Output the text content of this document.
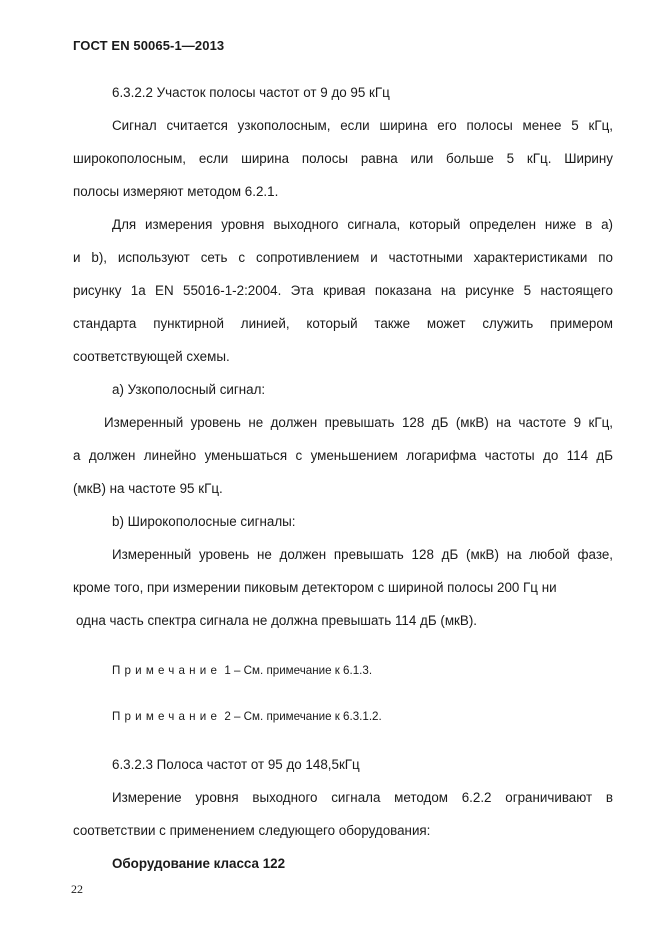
ГОСТ EN 50065-1—2013
6.3.2.2 Участок полосы частот от 9 до 95 кГц
Сигнал считается узкополосным, если ширина его полосы менее 5 кГц,
широкополосным, если ширина полосы равна или больше 5 кГц. Ширину
полосы измеряют методом 6.2.1.
Для измерения уровня выходного сигнала, который определен ниже в а)
и b), используют сеть с сопротивлением и частотными характеристиками по
рисунку 1а EN 55016-1-2:2004. Эта кривая показана на рисунке 5 настоящего
стандарта пунктирной линией, который также может служить примером
соответствующей схемы.
а) Узкополосный сигнал:
Измеренный уровень не должен превышать 128 дБ (мкВ) на частоте 9 кГц,
а должен линейно уменьшаться с уменьшением логарифма частоты до 114 дБ
(мкВ) на частоте 95 кГц.
b) Широкополосные сигналы:
Измеренный уровень не должен превышать 128 дБ (мкВ) на любой фазе,
кроме того, при измерении пиковым детектором с шириной полосы 200 Гц ни
одна часть спектра сигнала не должна превышать 114 дБ (мкВ).
Примечание 1 – См. примечание к 6.1.3.
Примечание 2 – См. примечание к 6.3.1.2.
6.3.2.3 Полоса частот от 95 до 148,5кГц
Измерение уровня выходного сигнала методом 6.2.2 ограничивают в
соответствии с применением следующего оборудования:
Оборудование класса 122
22
